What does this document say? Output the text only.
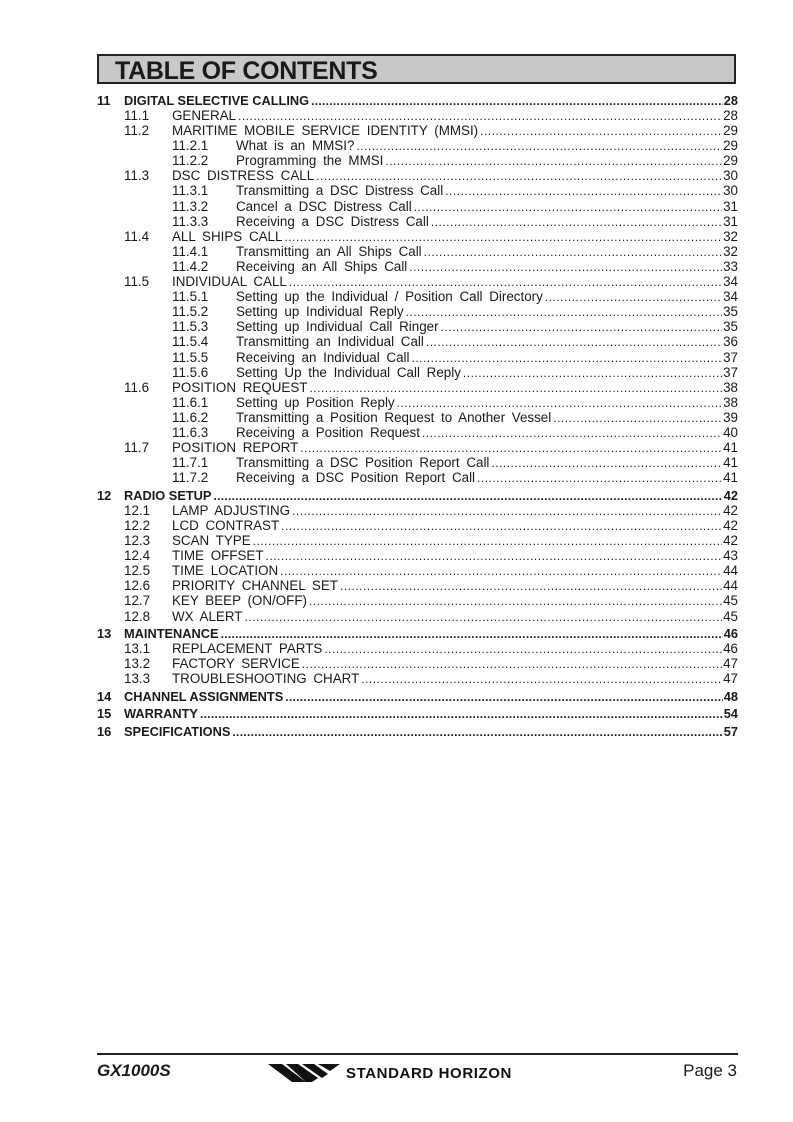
TABLE OF CONTENTS
11	DIGITAL SELECTIVE CALLING .....	28
11.1	GENERAL .....	28
11.2	MARITIME MOBILE SERVICE IDENTITY (MMSI) .....	29
11.2.1	What is an MMSI? .....	29
11.2.2	Programming the MMSI .....	29
11.3	DSC DISTRESS CALL .....	30
11.3.1	Transmitting a DSC Distress Call .....	30
11.3.2	Cancel a DSC Distress Call .....	31
11.3.3	Receiving a DSC Distress Call .....	31
11.4	ALL SHIPS CALL .....	32
11.4.1	Transmitting an All Ships Call .....	32
11.4.2	Receiving an All Ships Call .....	33
11.5	INDIVIDUAL CALL .....	34
11.5.1	Setting up the Individual / Position Call Directory .....	34
11.5.2	Setting up Individual Reply .....	35
11.5.3	Setting up Individual Call Ringer .....	35
11.5.4	Transmitting an Individual Call .....	36
11.5.5	Receiving an Individual Call .....	37
11.5.6	Setting Up the Individual Call Reply .....	37
11.6	POSITION REQUEST .....	38
11.6.1	Setting up Position Reply .....	38
11.6.2	Transmitting a Position Request to Another Vessel .....	39
11.6.3	Receiving a Position Request .....	40
11.7	POSITION REPORT .....	41
11.7.1	Transmitting a DSC Position Report Call .....	41
11.7.2	Receiving a DSC Position Report Call .....	41
12 RADIO SETUP .....	42
12.1	LAMP ADJUSTING .....	42
12.2	LCD CONTRAST .....	42
12.3	SCAN TYPE .....	42
12.4	TIME OFFSET .....	43
12.5	TIME LOCATION .....	44
12.6	PRIORITY CHANNEL SET .....	44
12.7	KEY BEEP (ON/OFF) .....	45
12.8	WX ALERT .....	45
13 MAINTENANCE .....	46
13.1	REPLACEMENT PARTS .....	46
13.2	FACTORY SERVICE .....	47
13.3	TROUBLESHOOTING CHART .....	47
14 CHANNEL ASSIGNMENTS .....	48
15 WARRANTY .....	54
16 SPECIFICATIONS .....	57
GX1000S	STANDARD HORIZON	Page 3
